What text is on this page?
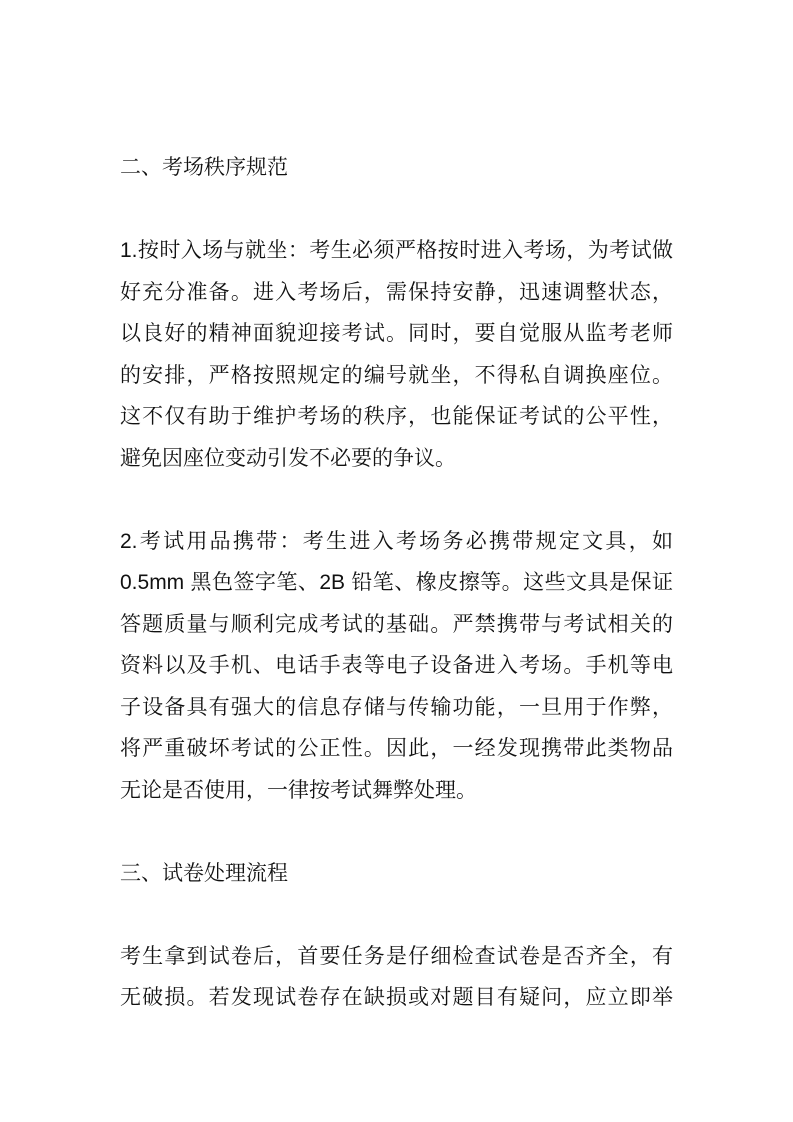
二、考场秩序规范
1.按时入场与就坐：考生必须严格按时进入考场，为考试做
好充分准备。进入考场后，需保持安静，迅速调整状态，
以良好的精神面貌迎接考试。同时，要自觉服从监考老师
的安排，严格按照规定的编号就坐，不得私自调换座位。
这不仅有助于维护考场的秩序，也能保证考试的公平性，
避免因座位变动引发不必要的争议。
2.考试用品携带：考生进入考场务必携带规定文具，如
0.5mm 黑色签字笔、2B 铅笔、橡皮擦等。这些文具是保证
答题质量与顺利完成考试的基础。严禁携带与考试相关的
资料以及手机、电话手表等电子设备进入考场。手机等电
子设备具有强大的信息存储与传输功能，一旦用于作弊，
将严重破坏考试的公正性。因此，一经发现携带此类物品
无论是否使用，一律按考试舞弊处理。
三、试卷处理流程
考生拿到试卷后，首要任务是仔细检查试卷是否齐全，有
无破损。若发现试卷存在缺损或对题目有疑问，应立即举
